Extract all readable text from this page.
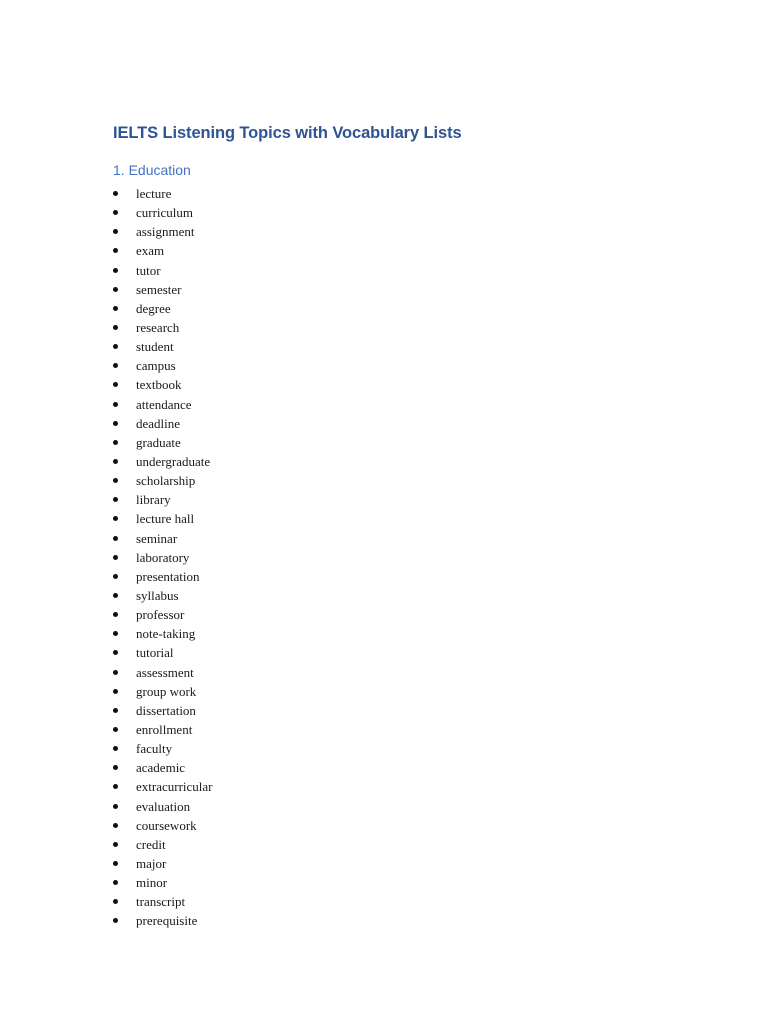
IELTS Listening Topics with Vocabulary Lists
1. Education
lecture
curriculum
assignment
exam
tutor
semester
degree
research
student
campus
textbook
attendance
deadline
graduate
undergraduate
scholarship
library
lecture hall
seminar
laboratory
presentation
syllabus
professor
note-taking
tutorial
assessment
group work
dissertation
enrollment
faculty
academic
extracurricular
evaluation
coursework
credit
major
minor
transcript
prerequisite
